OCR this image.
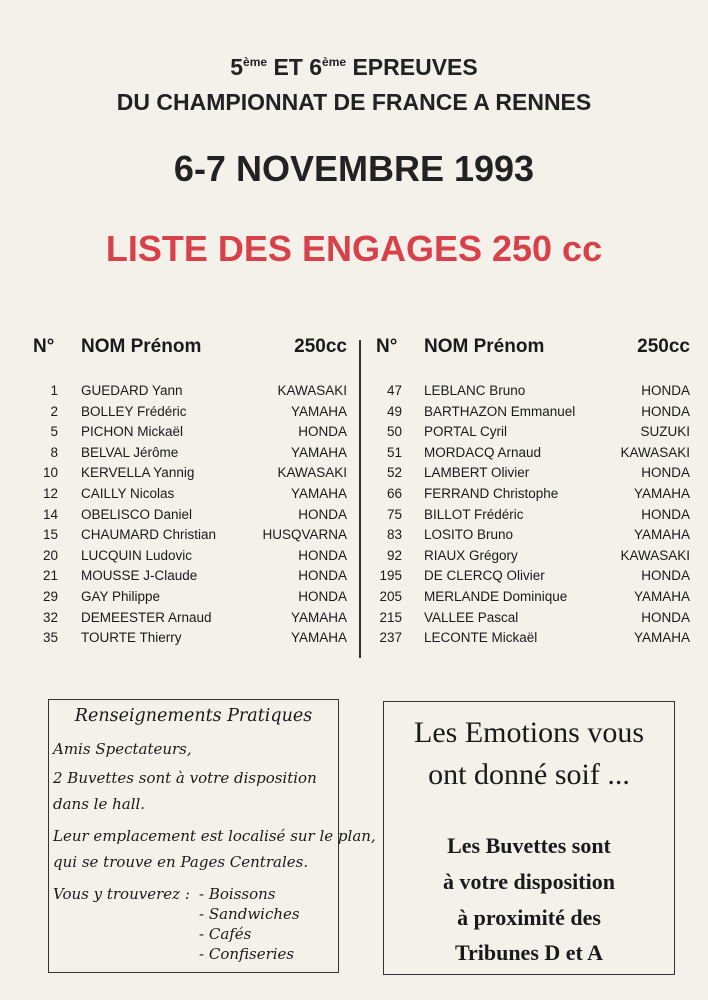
5ème ET 6ème EPREUVES
DU CHAMPIONNAT DE FRANCE A RENNES
6-7 NOVEMBRE 1993
LISTE DES ENGAGES 250 cc
N° NOM Prénom	250cc
1 GUEDARD Yann	KAWASAKI
2 BOLLEY Frédéric	YAMAHA
5 PICHON Mickaël	HONDA
8 BELVAL Jérôme	YAMAHA
10 KERVELLA Yannig	KAWASAKI
12 CAILLY Nicolas	YAMAHA
14 OBELISCO Daniel	HONDA
15 CHAUMARD Christian	HUSQVARNA
20 LUCQUIN Ludovic	HONDA
21 MOUSSE J-Claude	HONDA
29 GAY Philippe	HONDA
32 DEMEESTER Arnaud	YAMAHA
35 TOURTE Thierry	YAMAHA
N° NOM Prénom	250cc
47 LEBLANC Bruno	HONDA
49 BARTHAZON Emmanuel	HONDA
50 PORTAL Cyril	SUZUKI
51 MORDACQ Arnaud	KAWASAKI
52 LAMBERT Olivier	HONDA
66 FERRAND Christophe	YAMAHA
75 BILLOT Frédéric	HONDA
83 LOSITO Bruno	YAMAHA
92 RIAUX Grégory	KAWASAKI
195 DE CLERCQ Olivier	HONDA
205 MERLANDE Dominique	YAMAHA
215 VALLEE Pascal	HONDA
237 LECONTE Mickaël	YAMAHA
Renseignements Pratiques
Amis Spectateurs,
2 Buvettes sont à votre disposition
dans le hall.
Leur emplacement est localisé sur le plan,
qui se trouve en Pages Centrales.
Vous y trouverez : - Boissons
- Sandwiches
- Cafés
- Confiseries
Les Emotions vous
ont donné soif ...
Les Buvettes sont
à votre disposition
à proximité des
Tribunes D et A
